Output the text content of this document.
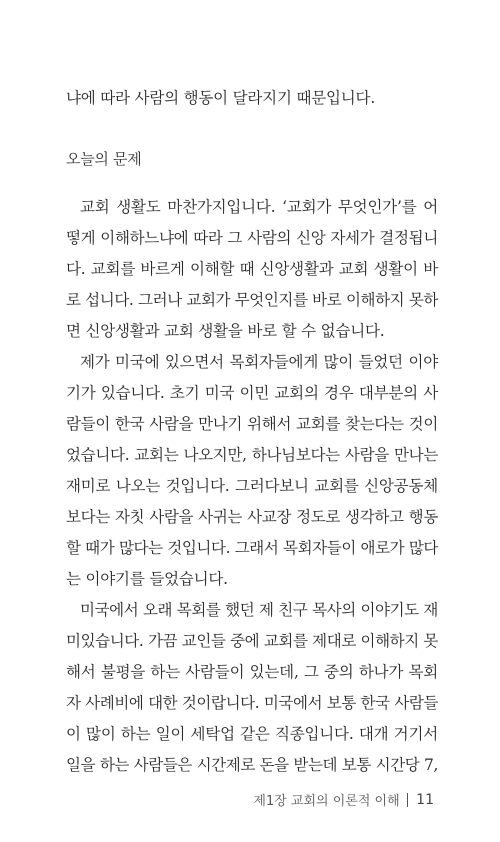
냐에 따라 사람의 행동이 달라지기 때문입니다.
오늘의 문제
교회 생활도 마찬가지입니다. ‘교회가 무엇인가’를 어
떻게 이해하느냐에 따라 그 사람의 신앙 자세가 결정됩니
다. 교회를 바르게 이해할 때 신앙생활과 교회 생활이 바
로 섭니다. 그러나 교회가 무엇인지를 바로 이해하지 못하
면 신앙생활과 교회 생활을 바로 할 수 없습니다.
제가 미국에 있으면서 목회자들에게 많이 들었던 이야
기가 있습니다. 초기 미국 이민 교회의 경우 대부분의 사
람들이 한국 사람을 만나기 위해서 교회를 찾는다는 것이
었습니다. 교회는 나오지만, 하나님보다는 사람을 만나는
재미로 나오는 것입니다. 그러다보니 교회를 신앙공동체
보다는 자칫 사람을 사귀는 사교장 정도로 생각하고 행동
할 때가 많다는 것입니다. 그래서 목회자들이 애로가 많다
는 이야기를 들었습니다.
미국에서 오래 목회를 했던 제 친구 목사의 이야기도 재
미있습니다. 가끔 교인들 중에 교회를 제대로 이해하지 못
해서 불평을 하는 사람들이 있는데, 그 중의 하나가 목회
자 사례비에 대한 것이랍니다. 미국에서 보통 한국 사람들
이 많이 하는 일이 세탁업 같은 직종입니다. 대개 거기서
일을 하는 사람들은 시간제로 돈을 받는데 보통 시간당 7,
제1장 교회의 이론적 이해 11
